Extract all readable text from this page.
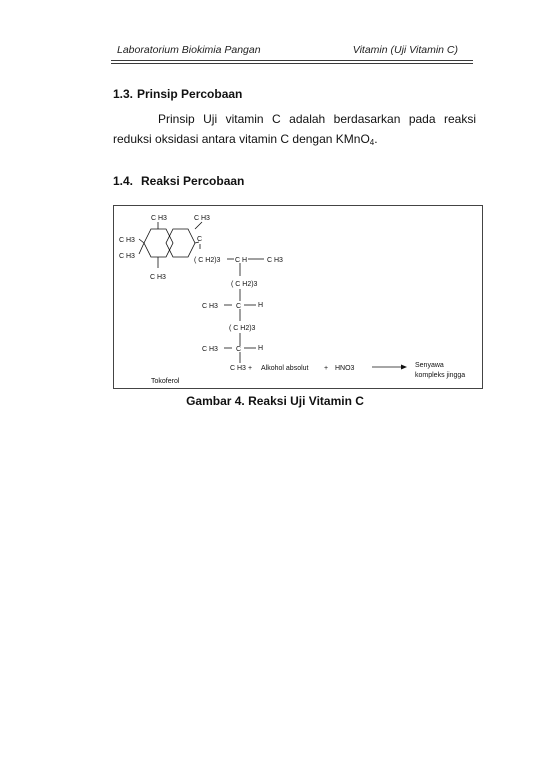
Laboratorium Biokimia Pangan	Vitamin (Uji Vitamin C)
1.3. Prinsip Percobaan
Prinsip Uji vitamin C adalah berdasarkan pada reaksi
reduksi oksidasi antara vitamin C dengan KMnO$_4$.
1.4. Reaksi Percobaan
C H3	C H3
C
C H3
C H3
( C H2)3 C H	C H3
C H3
( C H2)3
C H3	C H
( C H2)3
C H3	C H
C H3 + Alkohol absolut + HNO3	Senyawa
kompleks jingga
Tokoferol
Gambar 4. Reaksi Uji Vitamin C
